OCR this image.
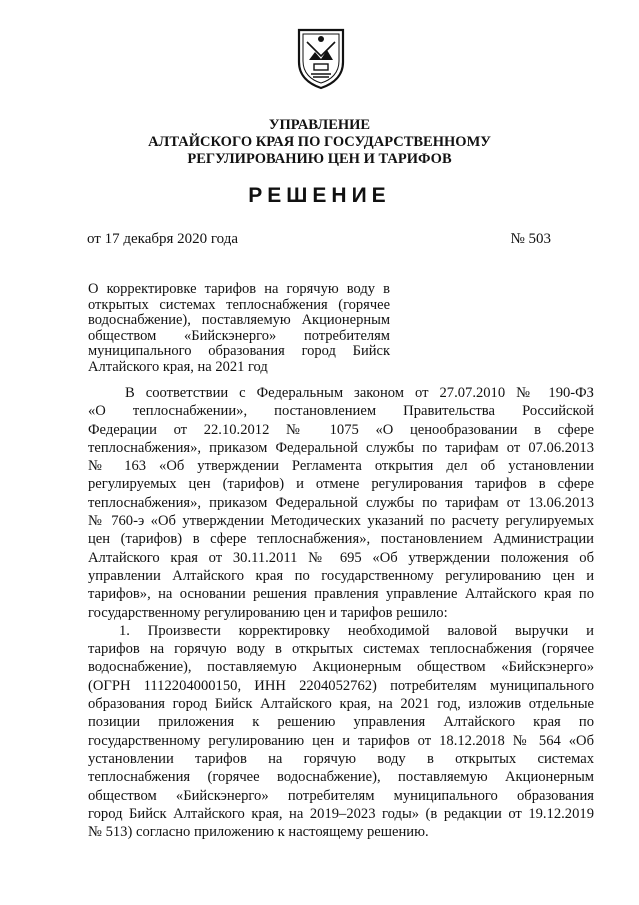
УПРАВЛЕНИЕ
АЛТАЙСКОГО КРАЯ ПО ГОСУДАРСТВЕННОМУ
РЕГУЛИРОВАНИЮ ЦЕН И ТАРИФОВ
РЕШЕНИЕ
от 17 декабря 2020 года	№ 503
О корректировке тарифов на горячую воду в
открытых системах теплоснабжения (горячее
водоснабжение), поставляемую Акционерным
обществом «Бийскэнерго» потребителям
муниципального образования город Бийск
Алтайского края, на 2021 год
В соответствии с Федеральным законом от 27.07.2010 № 190-ФЗ
«О теплоснабжении», постановлением Правительства Российской
Федерации от 22.10.2012 № 1075 «О ценообразовании в сфере
теплоснабжения», приказом Федеральной службы по тарифам от 07.06.2013
№ 163 «Об утверждении Регламента открытия дел об установлении
регулируемых цен (тарифов) и отмене регулирования тарифов в сфере
теплоснабжения», приказом Федеральной службы по тарифам от 13.06.2013
№ 760-э «Об утверждении Методических указаний по расчету регулируемых
цен (тарифов) в сфере теплоснабжения», постановлением Администрации
Алтайского края от 30.11.2011 № 695 «Об утверждении положения об
управлении Алтайского края по государственному регулированию цен и
тарифов», на основании решения правления управление Алтайского края по
государственному регулированию цен и тарифов решило:
1. Произвести корректировку необходимой валовой выручки и
тарифов на горячую воду в открытых системах теплоснабжения (горячее
водоснабжение), поставляемую Акционерным обществом «Бийскэнерго»
(ОГРН 1112204000150, ИНН 2204052762) потребителям муниципального
образования город Бийск Алтайского края, на 2021 год, изложив отдельные
позиции приложения к решению управления Алтайского края по
государственному регулированию цен и тарифов от 18.12.2018 № 564 «Об
установлении тарифов на горячую воду в открытых системах
теплоснабжения (горячее водоснабжение), поставляемую Акционерным
обществом «Бийскэнерго» потребителям муниципального образования
город Бийск Алтайского края, на 2019–2023 годы» (в редакции от 19.12.2019
№ 513) согласно приложению к настоящему решению.
